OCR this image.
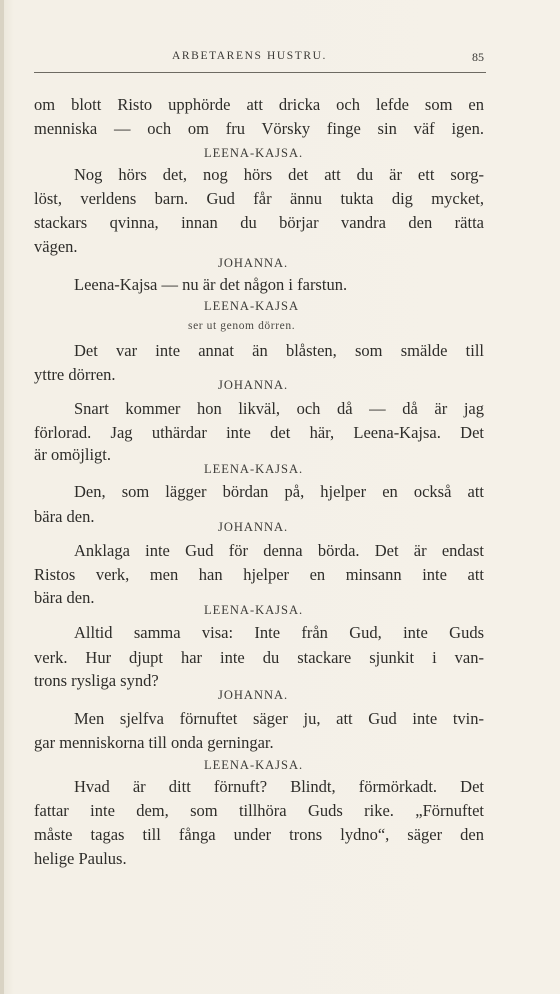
ARBETARENS HUSTRU.	85
om blott Risto upphörde att dricka och lefde som en
menniska — och om fru Vörsky finge sin väf igen.
LEENA-KAJSA.
Nog hörs det, nog hörs det att du är ett sorg-
löst, verldens barn. Gud får ännu tukta dig mycket,
stackars qvinna, innan du börjar vandra den rätta
vägen.
JOHANNA.
Leena-Kajsa — nu är det någon i farstun.
LEENA-KAJSA
ser ut genom dörren.
Det var inte annat än blåsten, som smälde till
yttre dörren.
JOHANNA.
Snart kommer hon likväl, och då — då är jag
förlorad. Jag uthärdar inte det här, Leena-Kajsa. Det
är omöjligt.
LEENA-KAJSA.
Den, som lägger bördan på, hjelper en också att
bära den.
JOHANNA.
Anklaga inte Gud för denna börda. Det är endast
Ristos verk, men han hjelper en minsann inte att
bära den.
LEENA-KAJSA.
Alltid samma visa: Inte från Gud, inte Guds
verk. Hur djupt har inte du stackare sjunkit i van-
trons rysliga synd?
JOHANNA.
Men sjelfva förnuftet säger ju, att Gud inte tvin-
gar menniskorna till onda gerningar.
LEENA-KAJSA.
Hvad är ditt förnuft? Blindt, förmörkadt. Det
fattar inte dem, som tillhöra Guds rike. „Förnuftet
måste tagas till fånga under trons lydno“, säger den
helige Paulus.
